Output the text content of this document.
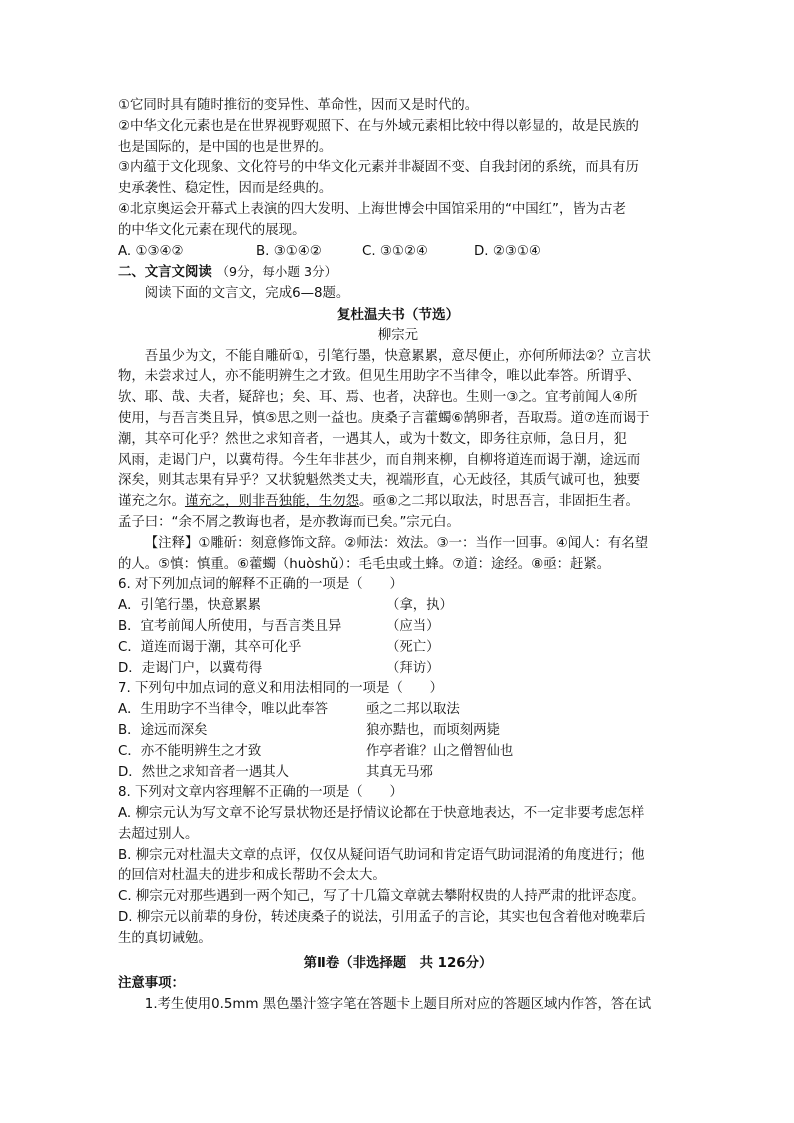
①它同时具有随时推衍的变异性、革命性，因而又是时代的。
②中华文化元素也是在世界视野观照下、在与外域元素相比较中得以彰显的，故是民族的
也是国际的，是中国的也是世界的。
③内蕴于文化现象、文化符号的中华文化元素并非凝固不变、自我封闭的系统，而具有历
史承袭性、稳定性，因而是经典的。
④北京奥运会开幕式上表演的四大发明、上海世博会中国馆采用的“中国红”，皆为古老
的中华文化元素在现代的展现。
A. ①③④②	B. ③①④②	C. ③①②④	D. ②③①④
二、文言文阅读 （9分，每小题 3分）
阅读下面的文言文，完成6—8题。
复杜温夫书（节选）
柳宗元
吾虽少为文，不能自雕斫①，引笔行墨，快意累累，意尽便止，亦何所师法②？立言状
物，未尝求过人，亦不能明辨生之才致。但见生用助字不当律令，唯以此奉答。所谓乎、
欤、耶、哉、夫者，疑辞也；矣、耳、焉、也者，决辞也。生则一③之。宜考前闻人④所
使用，与吾言类且异，慎⑤思之则一益也。庚桑子言藿蠋⑥鹄卵者，吾取焉。道⑦连而谒于
潮，其卒可化乎？然世之求知音者，一遇其人，或为十数文，即务往京师，急日月，犯
风雨，走谒门户，以冀苟得。今生年非甚少，而自荆来柳，自柳将道连而谒于潮，途远而
深矣，则其志果有异乎？又状貌魁然类丈夫，视端形直，心无歧径，其质气诚可也，独要
谨充之尔。谨充之，则非吾独能，生勿怨。亟⑧之二邦以取法，时思吾言，非固拒生者。
孟子曰：“余不屑之教诲也者，是亦教诲而已矣。”宗元白。
【注释】①雕斫：刻意修饰文辞。②师法：效法。③一：当作一回事。④闻人：有名望
的人。⑤慎：慎重。⑥藿蠋（huòshǔ）：毛毛虫或土蜂。⑦道：途经。⑧亟：赶紧。
6. 对下列加点词的解释不正确的一项是（　　）
A．引笔行墨，快意累累	（拿，执）
B．宜考前闻人所使用，与吾言类且异	（应当）
C．道连而谒于潮，其卒可化乎	（死亡）
D．走谒门户，以冀苟得	（拜访）
7. 下列句中加点词的意义和用法相同的一项是（　　）
A．生用助字不当律令，唯以此奉答	亟之二邦以取法
B．途远而深矣	狼亦黠也，而顷刻两毙
C．亦不能明辨生之才致	作亭者谁？山之僧智仙也
D．然世之求知音者一遇其人	其真无马邪
8. 下列对文章内容理解不正确的一项是（　　）
A. 柳宗元认为写文章不论写景状物还是抒情议论都在于快意地表达，不一定非要考虑怎样
去超过别人。
B. 柳宗元对杜温夫文章的点评，仅仅从疑问语气助词和肯定语气助词混淆的角度进行；他
的回信对杜温夫的进步和成长帮助不会太大。
C. 柳宗元对那些遇到一两个知己，写了十几篇文章就去攀附权贵的人持严肃的批评态度。
D. 柳宗元以前辈的身份，转述庚桑子的说法，引用孟子的言论，其实也包含着他对晚辈后
生的真切诫勉。
第Ⅱ卷（非选择题　共 126分）
注意事项：
1.考生使用0.5mm 黑色墨汁签字笔在答题卡上题目所对应的答题区域内作答，答在试
